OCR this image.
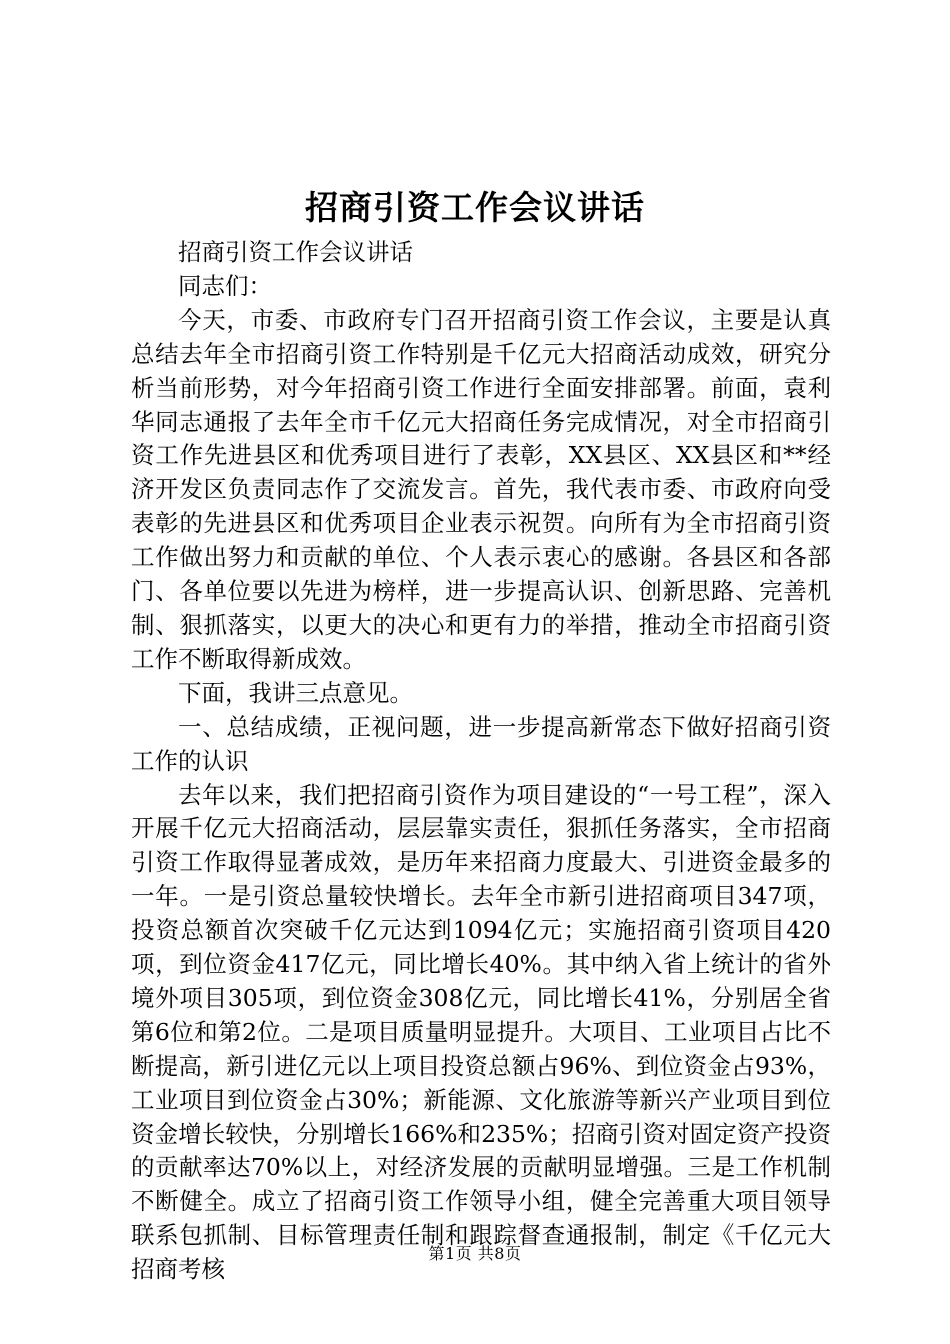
招商引资工作会议讲话

招商引资工作会议讲话

同志们：

今天，市委、市政府专门召开招商引资工作会议，主要是认真总结去年全市招商引资工作特别是千亿元大招商活动成效，研究分析当前形势，对今年招商引资工作进行全面安排部署。前面，袁利华同志通报了去年全市千亿元大招商任务完成情况，对全市招商引资工作先进县区和优秀项目进行了表彰，XX县区、XX县区和**经济开发区负责同志作了交流发言。首先，我代表市委、市政府向受表彰的先进县区和优秀项目企业表示祝贺。向所有为全市招商引资工作做出努力和贡献的单位、个人表示衷心的感谢。各县区和各部门、各单位要以先进为榜样，进一步提高认识、创新思路、完善机制、狠抓落实，以更大的决心和更有力的举措，推动全市招商引资工作不断取得新成效。

下面，我讲三点意见。

一、总结成绩，正视问题，进一步提高新常态下做好招商引资工作的认识

去年以来，我们把招商引资作为项目建设的“一号工程”，深入开展千亿元大招商活动，层层靠实责任，狠抓任务落实，全市招商引资工作取得显著成效，是历年来招商力度最大、引进资金最多的一年。一是引资总量较快增长。去年全市新引进招商项目347项，投资总额首次突破千亿元达到1094亿元；实施招商引资项目420项，到位资金417亿元，同比增长40%。其中纳入省上统计的省外境外项目305项，到位资金308亿元，同比增长41%，分别居全省第6位和第2位。二是项目质量明显提升。大项目、工业项目占比不断提高，新引进亿元以上项目投资总额占96%、到位资金占93%，工业项目到位资金占30%；新能源、文化旅游等新兴产业项目到位资金增长较快，分别增长166%和235%；招商引资对固定资产投资的贡献率达70%以上，对经济发展的贡献明显增强。三是工作机制不断健全。成立了招商引资工作领导小组，健全完善重大项目领导联系包抓制、目标管理责任制和跟踪督查通报制，制定《千亿元大招商考核

第1页 共8页
